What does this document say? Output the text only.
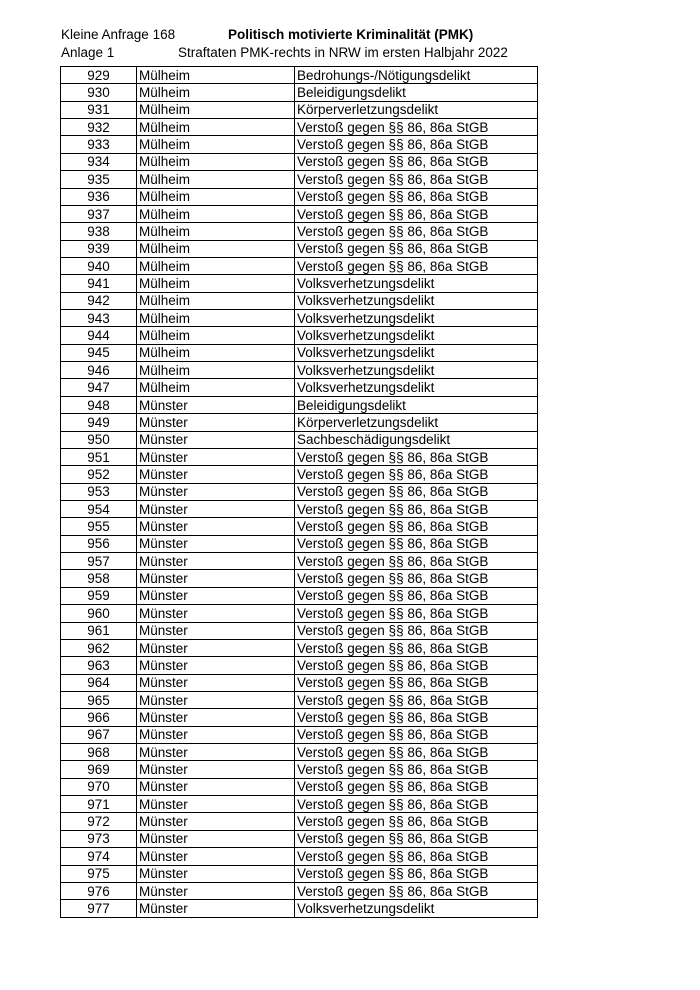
Kleine Anfrage 168
Anlage 1
Politisch motivierte Kriminalität (PMK)
Straftaten PMK-rechts in NRW im ersten Halbjahr 2022
929	Mülheim	Bedrohungs-/Nötigungsdelikt
930	Mülheim	Beleidigungsdelikt
931	Mülheim	Körperverletzungsdelikt
932	Mülheim	Verstoß gegen §§ 86, 86a StGB
933	Mülheim	Verstoß gegen §§ 86, 86a StGB
934	Mülheim	Verstoß gegen §§ 86, 86a StGB
935	Mülheim	Verstoß gegen §§ 86, 86a StGB
936	Mülheim	Verstoß gegen §§ 86, 86a StGB
937	Mülheim	Verstoß gegen §§ 86, 86a StGB
938	Mülheim	Verstoß gegen §§ 86, 86a StGB
939	Mülheim	Verstoß gegen §§ 86, 86a StGB
940	Mülheim	Verstoß gegen §§ 86, 86a StGB
941	Mülheim	Volksverhetzungsdelikt
942	Mülheim	Volksverhetzungsdelikt
943	Mülheim	Volksverhetzungsdelikt
944	Mülheim	Volksverhetzungsdelikt
945	Mülheim	Volksverhetzungsdelikt
946	Mülheim	Volksverhetzungsdelikt
947	Mülheim	Volksverhetzungsdelikt
948	Münster	Beleidigungsdelikt
949	Münster	Körperverletzungsdelikt
950	Münster	Sachbeschädigungsdelikt
951	Münster	Verstoß gegen §§ 86, 86a StGB
952	Münster	Verstoß gegen §§ 86, 86a StGB
953	Münster	Verstoß gegen §§ 86, 86a StGB
954	Münster	Verstoß gegen §§ 86, 86a StGB
955	Münster	Verstoß gegen §§ 86, 86a StGB
956	Münster	Verstoß gegen §§ 86, 86a StGB
957	Münster	Verstoß gegen §§ 86, 86a StGB
958	Münster	Verstoß gegen §§ 86, 86a StGB
959	Münster	Verstoß gegen §§ 86, 86a StGB
960	Münster	Verstoß gegen §§ 86, 86a StGB
961	Münster	Verstoß gegen §§ 86, 86a StGB
962	Münster	Verstoß gegen §§ 86, 86a StGB
963	Münster	Verstoß gegen §§ 86, 86a StGB
964	Münster	Verstoß gegen §§ 86, 86a StGB
965	Münster	Verstoß gegen §§ 86, 86a StGB
966	Münster	Verstoß gegen §§ 86, 86a StGB
967	Münster	Verstoß gegen §§ 86, 86a StGB
968	Münster	Verstoß gegen §§ 86, 86a StGB
969	Münster	Verstoß gegen §§ 86, 86a StGB
970	Münster	Verstoß gegen §§ 86, 86a StGB
971	Münster	Verstoß gegen §§ 86, 86a StGB
972	Münster	Verstoß gegen §§ 86, 86a StGB
973	Münster	Verstoß gegen §§ 86, 86a StGB
974	Münster	Verstoß gegen §§ 86, 86a StGB
975	Münster	Verstoß gegen §§ 86, 86a StGB
976	Münster	Verstoß gegen §§ 86, 86a StGB
977	Münster	Volksverhetzungsdelikt
